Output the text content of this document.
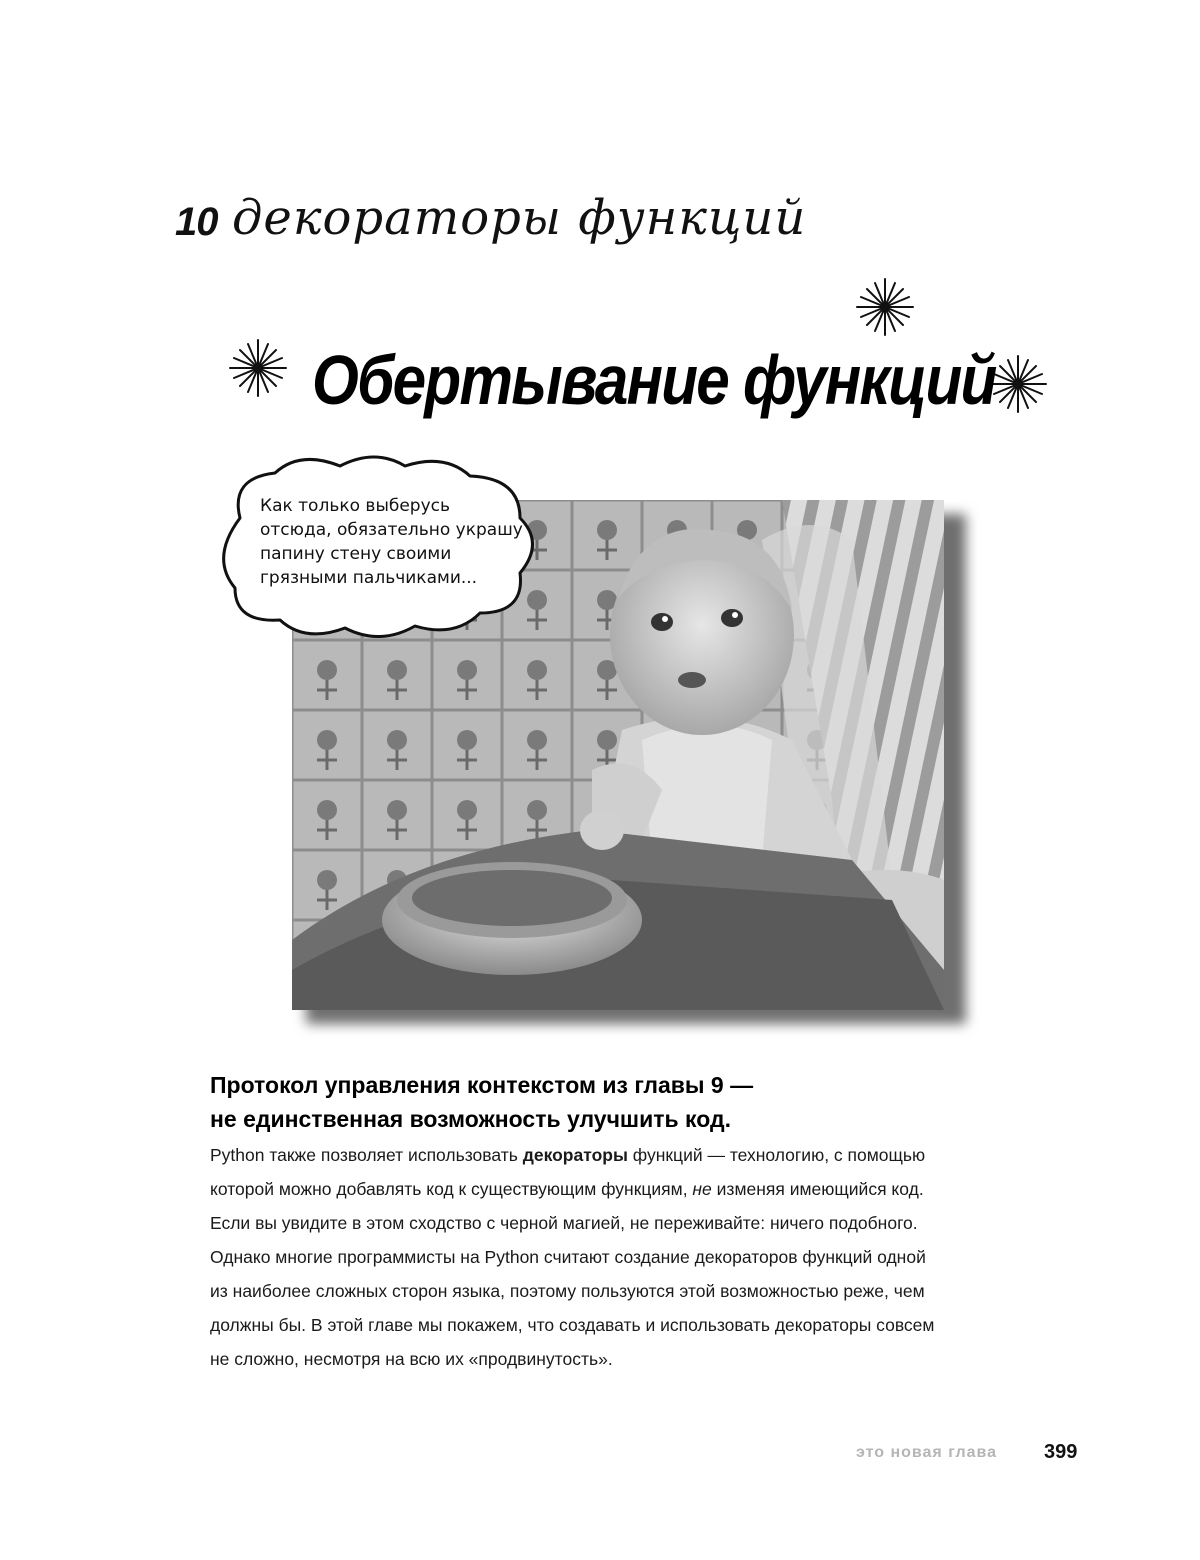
10 декораторы функций
Обертывание функций
Как только выберусь
отсюда, обязательно украшу
папину стену своими
грязными пальчиками...
Протокол управления контекстом из главы 9 —
не единственная возможность улучшить код.
Python также позволяет использовать декораторы функций — технологию, с помощью
которой можно добавлять код к существующим функциям, не изменяя имеющийся код.
Если вы увидите в этом сходство с черной магией, не переживайте: ничего подобного.
Однако многие программисты на Python считают создание декораторов функций одной
из наиболее сложных сторон языка, поэтому пользуются этой возможностью реже, чем
должны бы. В этой главе мы покажем, что создавать и использовать декораторы совсем
не сложно, несмотря на всю их «продвинутость».
это новая глава 399
